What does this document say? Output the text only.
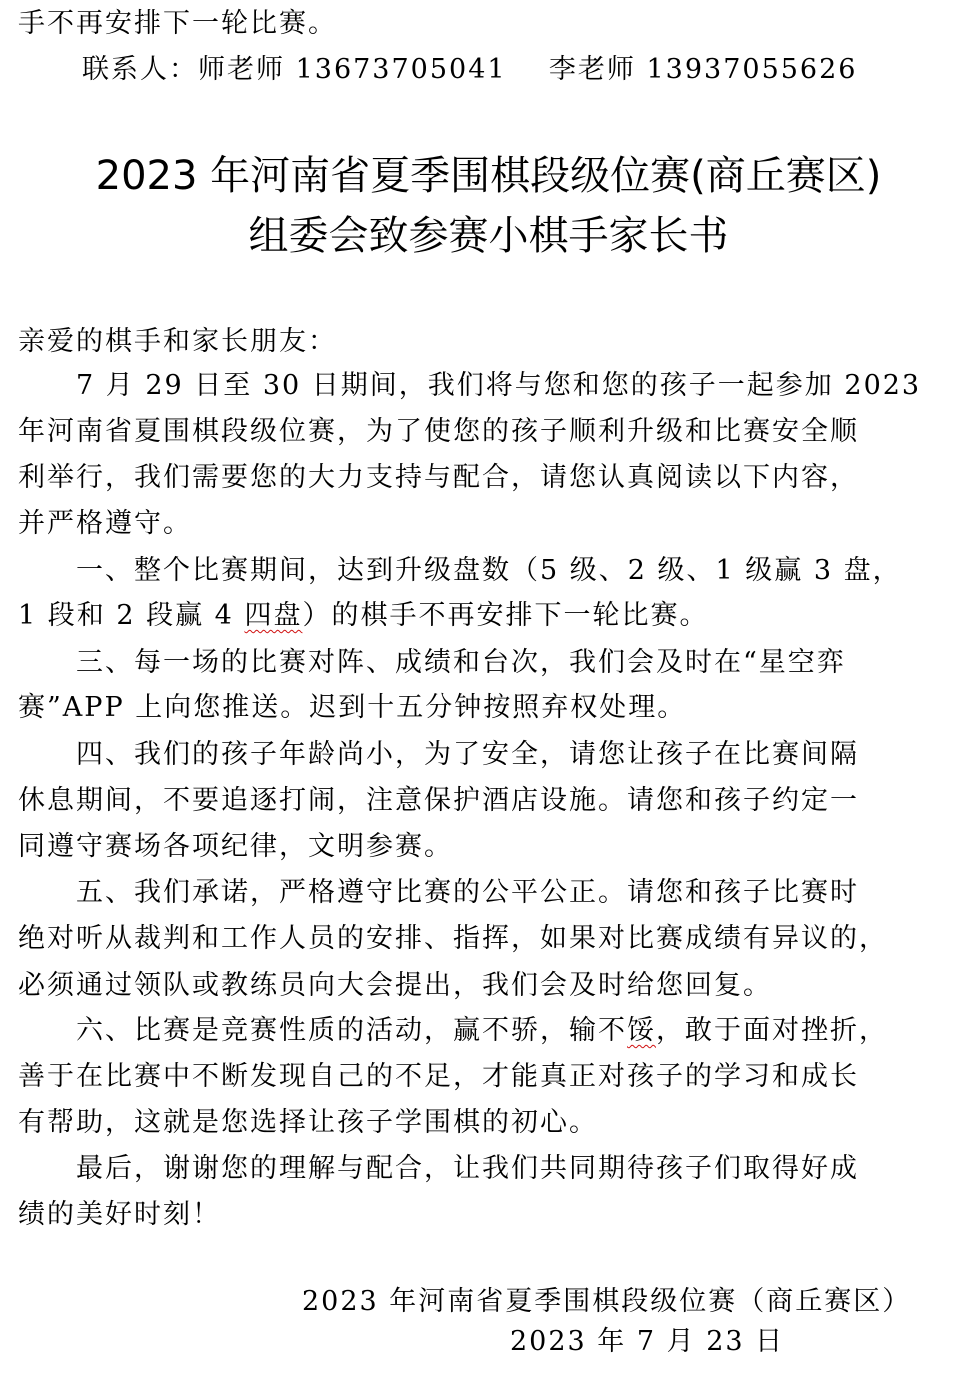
手不再安排下一轮比赛。
联系人：师老师 13673705041 李老师 13937055626
2023 年河南省夏季围棋段级位赛(商丘赛区)
组委会致参赛小棋手家长书
亲爱的棋手和家长朋友：
7 月 29 日至 30 日期间，我们将与您和您的孩子一起参加 2023
年河南省夏围棋段级位赛，为了使您的孩子顺利升级和比赛安全顺
利举行，我们需要您的大力支持与配合，请您认真阅读以下内容，
并严格遵守。
一、整个比赛期间，达到升级盘数（5 级、2 级、1 级赢 3 盘，
1 段和 2 段赢 4 四盘）的棋手不再安排下一轮比赛。
三、每一场的比赛对阵、成绩和台次，我们会及时在“星空弈
赛”APP 上向您推送。迟到十五分钟按照弃权处理。
四、我们的孩子年龄尚小，为了安全，请您让孩子在比赛间隔
休息期间，不要追逐打闹，注意保护酒店设施。请您和孩子约定一
同遵守赛场各项纪律，文明参赛。
五、我们承诺，严格遵守比赛的公平公正。请您和孩子比赛时
绝对听从裁判和工作人员的安排、指挥，如果对比赛成绩有异议的，
必须通过领队或教练员向大会提出，我们会及时给您回复。
六、比赛是竞赛性质的活动，赢不骄，输不馁，敢于面对挫折，
善于在比赛中不断发现自己的不足，才能真正对孩子的学习和成长
有帮助，这就是您选择让孩子学围棋的初心。
最后，谢谢您的理解与配合，让我们共同期待孩子们取得好成
绩的美好时刻！
2023 年河南省夏季围棋段级位赛（商丘赛区）
2023 年 7 月 23 日
